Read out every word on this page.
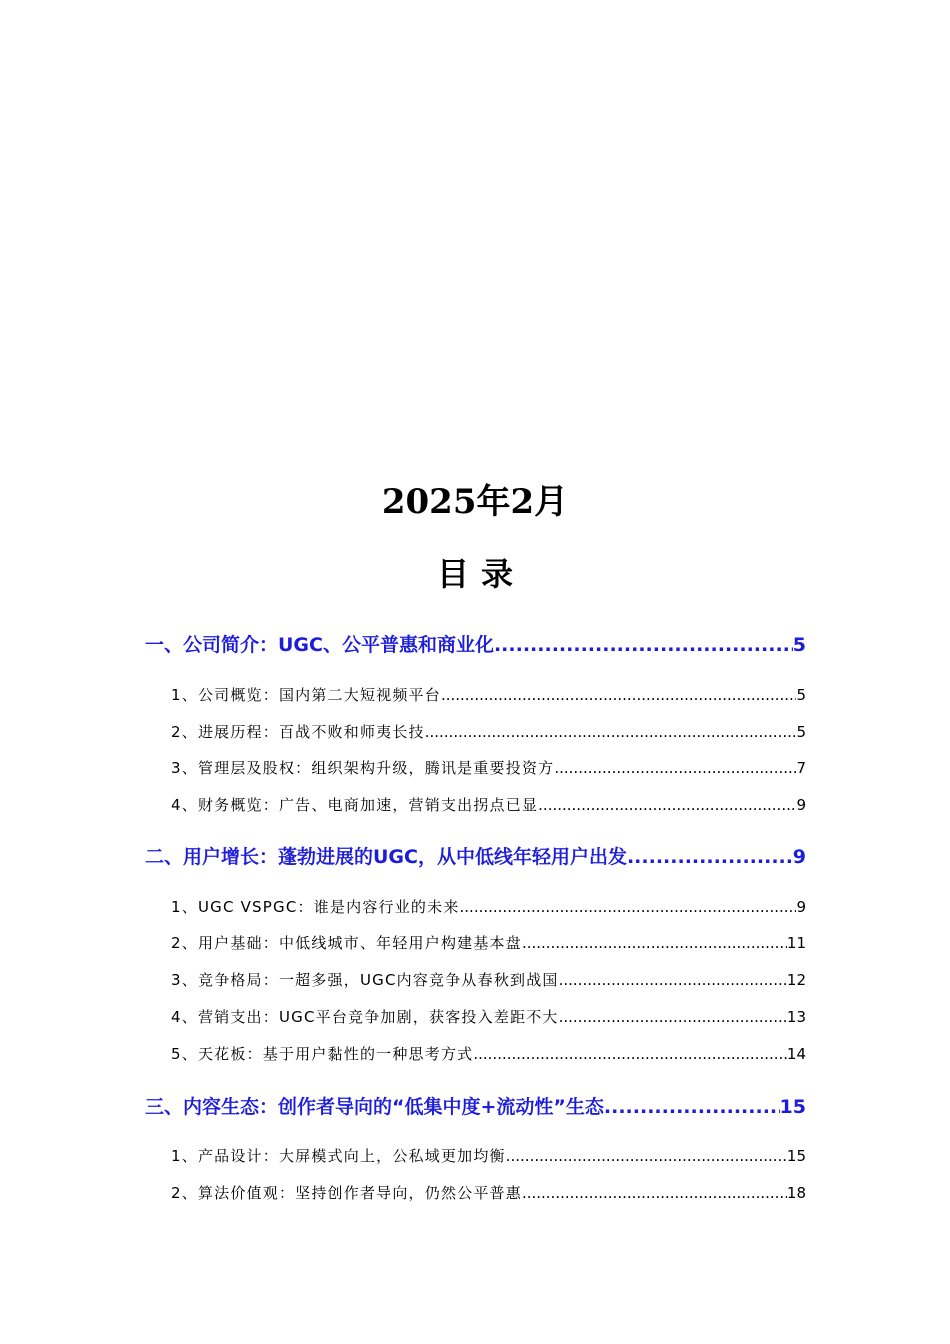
2025年2月
目录
一、公司简介：UGC、公平普惠和商业化 .....	5
1、公司概览：国内第二大短视频平台 .....	5
2、进展历程：百战不败和师夷长技 .....	5
3、管理层及股权：组织架构升级，腾讯是重要投资方 .....	7
4、财务概览：广告、电商加速，营销支出拐点已显 .....	9
二、用户增长：蓬勃进展的UGC，从中低线年轻用户出发 .....	9
1、UGC VSPGC：谁是内容行业的未来 .....	9
2、用户基础：中低线城市、年轻用户构建基本盘 .....	11
3、竞争格局：一超多强，UGC内容竞争从春秋到战国 .....	12
4、营销支出：UGC平台竞争加剧，获客投入差距不大 .....	13
5、天花板：基于用户黏性的一种思考方式 .....	14
三、内容生态：创作者导向的“低集中度+流动性”生态 .....	15
1、产品设计：大屏模式向上，公私域更加均衡 .....	15
2、算法价值观：坚持创作者导向，仍然公平普惠 .....	18
